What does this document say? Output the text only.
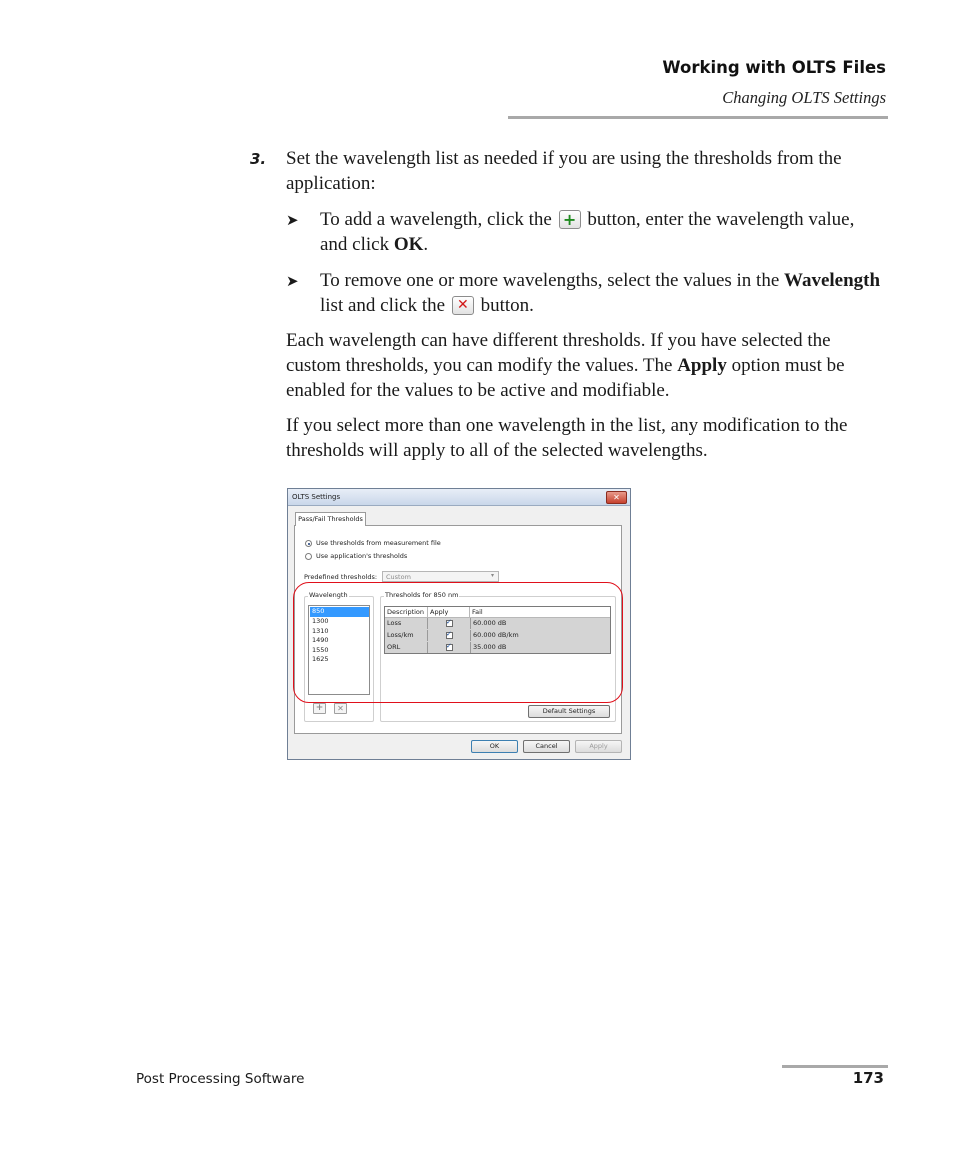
Working with OLTS Files
Changing OLTS Settings
3. Set the wavelength list as needed if you are using the thresholds from the application:
➤ To add a wavelength, click the + button, enter the wavelength value, and click OK.
➤ To remove one or more wavelengths, select the values in the Wavelength list and click the ✕ button.
Each wavelength can have different thresholds. If you have selected the custom thresholds, you can modify the values. The Apply option must be enabled for the values to be active and modifiable.
If you select more than one wavelength in the list, any modification to the thresholds will apply to all of the selected wavelengths.
OLTS Settings	✕
Pass/Fail Thresholds
Use thresholds from measurement file
Use application's thresholds
Predefined thresholds: Custom	▾
Wavelength
850
1300
1310
1490
1550
1625
+	✕
Thresholds for 850 nm
Description Apply	Fail
Loss ✓	60.000 dB
Loss/km ✓	60.000 dB/km
ORL ✓	35.000 dB
Default Settings
OK	Cancel	Apply
Post Processing Software	173
